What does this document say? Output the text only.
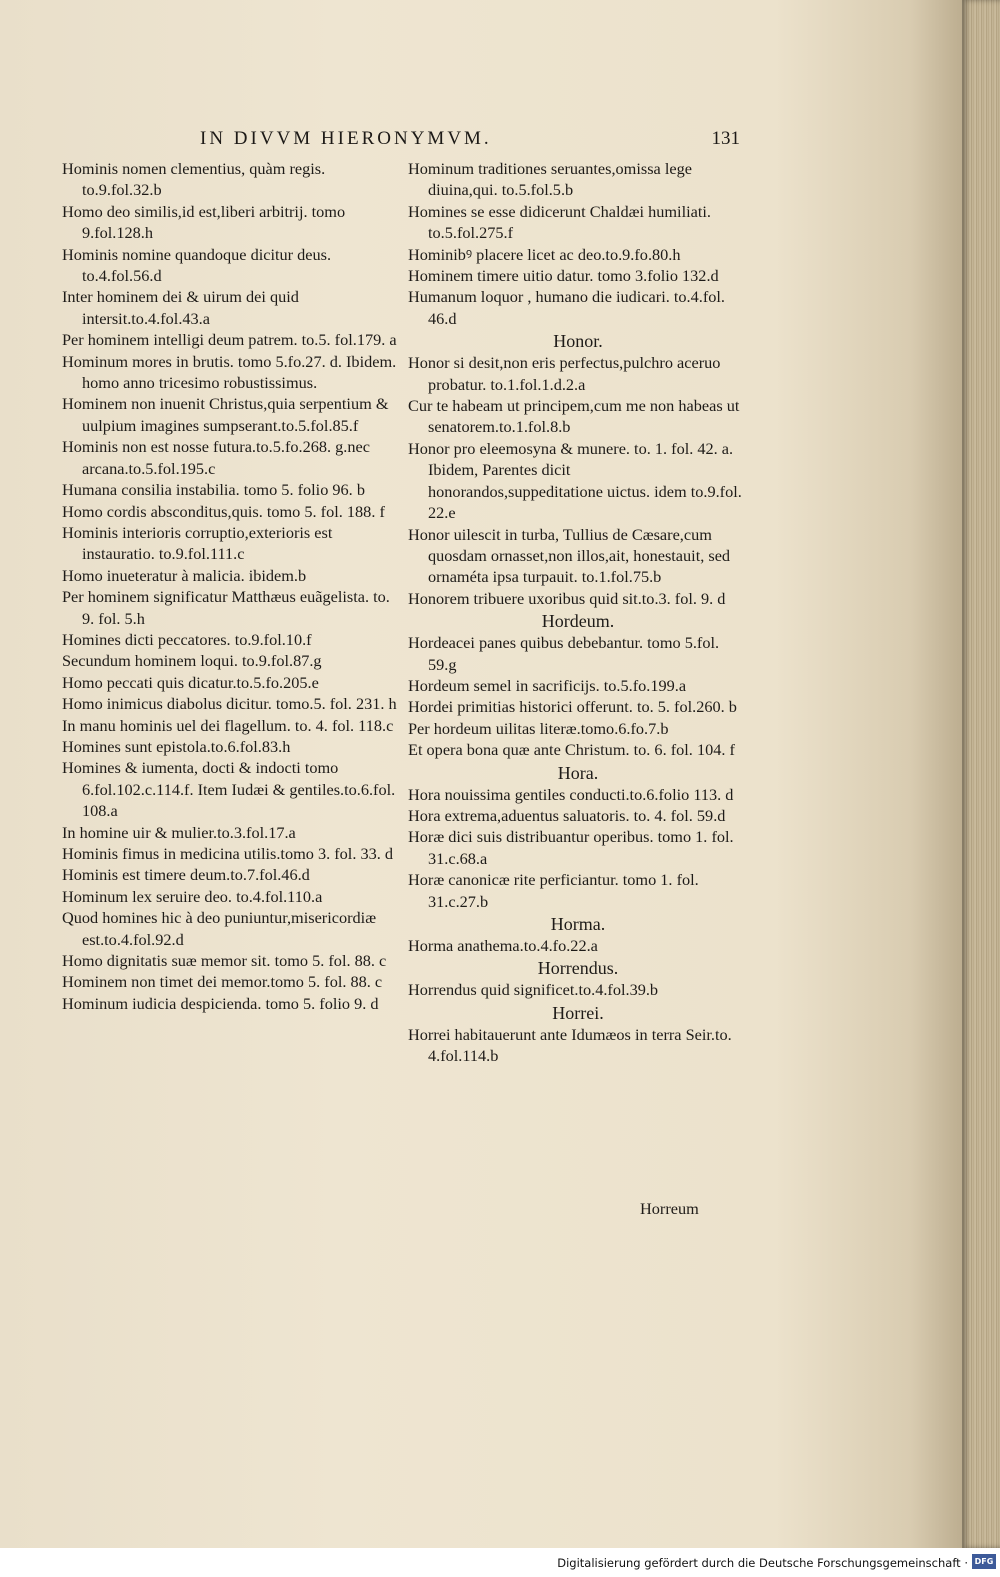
IN DIVVM HIERONYMVM.	131
Hominis nomen clementius, quàm regis. to.9.fol.32.b
Homo deo similis,id est,liberi arbitrij. tomo 9.fol.128.h
Hominis nomine quandoque dicitur deus. to.4.fol.56.d
Inter hominem dei & uirum dei quid intersit.to.4.fol.43.a
Per hominem intelligi deum patrem. to.5. fol.179. a
Hominum mores in brutis. tomo 5.fo.27. d. Ibidem. homo anno tricesimo robustissimus.
Hominem non inuenit Christus,quia serpentium & uulpium imagines sumpserant.to.5.fol.85.f
Hominis non est nosse futura.to.5.fo.268. g.nec arcana.to.5.fol.195.c
Humana consilia instabilia. tomo 5. folio 96. b
Homo cordis absconditus,quis. tomo 5. fol. 188. f
Hominis interioris corruptio,exterioris est instauratio. to.9.fol.111.c
Homo inueteratur à malicia. ibidem.b
Per hominem significatur Matthæus euãgelista. to. 9. fol. 5.h
Homines dicti peccatores. to.9.fol.10.f
Secundum hominem loqui. to.9.fol.87.g
Homo peccati quis dicatur.to.5.fo.205.e
Homo inimicus diabolus dicitur. tomo.5. fol. 231. h
In manu hominis uel dei flagellum. to. 4. fol. 118.c
Homines sunt epistola.to.6.fol.83.h
Homines & iumenta, docti & indocti tomo 6.fol.102.c.114.f. Item Iudæi & gentiles.to.6.fol. 108.a
In homine uir & mulier.to.3.fol.17.a
Hominis fimus in medicina utilis.tomo 3. fol. 33. d
Hominis est timere deum.to.7.fol.46.d
Hominum lex seruire deo. to.4.fol.110.a
Quod homines hic à deo puniuntur,misericordiæ est.to.4.fol.92.d
Homo dignitatis suæ memor sit. tomo 5. fol. 88. c
Hominem non timet dei memor.tomo 5. fol. 88. c
Hominum iudicia despicienda. tomo 5. folio 9. d
Hominum traditiones seruantes,omissa lege diuina,qui. to.5.fol.5.b
Homines se esse didicerunt Chaldæi humiliati. to.5.fol.275.f
Hominibꝰ placere licet ac deo.to.9.fo.80.h
Hominem timere uitio datur. tomo 3.folio 132.d
Humanum loquor , humano die iudicari. to.4.fol. 46.d
Honor.
Honor si desit,non eris perfectus,pulchro aceruo probatur. to.1.fol.1.d.2.a
Cur te habeam ut principem,cum me non habeas ut senatorem.to.1.fol.8.b
Honor pro eleemosyna & munere. to. 1. fol. 42. a. Ibidem, Parentes dicit honorandos,suppeditatione uictus. idem to.9.fol. 22.e
Honor uilescit in turba, Tullius de Cæsare,cum quosdam ornasset,non illos,ait, honestauit, sed ornaméta ipsa turpauit. to.1.fol.75.b
Honorem tribuere uxoribus quid sit.to.3. fol. 9. d
Hordeum.
Hordeacei panes quibus debebantur. tomo 5.fol. 59.g
Hordeum semel in sacrificijs. to.5.fo.199.a
Hordei primitias historici offerunt. to. 5. fol.260. b
Per hordeum uilitas literæ.tomo.6.fo.7.b
Et opera bona quæ ante Christum. to. 6. fol. 104. f
Hora.
Hora nouissima gentiles conducti.to.6.folio 113. d
Hora extrema,aduentus saluatoris. to. 4. fol. 59.d
Horæ dici suis distribuantur operibus. tomo 1. fol. 31.c.68.a
Horæ canonicæ rite perficiantur. tomo 1. fol. 31.c.27.b
Horma.
Horma anathema.to.4.fo.22.a
Horrendus.
Horrendus quid significet.to.4.fol.39.b
Horrei.
Horrei habitauerunt ante Idumæos in terra Seir.to. 4.fol.114.b
Horreum
Digitalisierung gefördert durch die Deutsche Forschungsgemeinschaft · DFG
